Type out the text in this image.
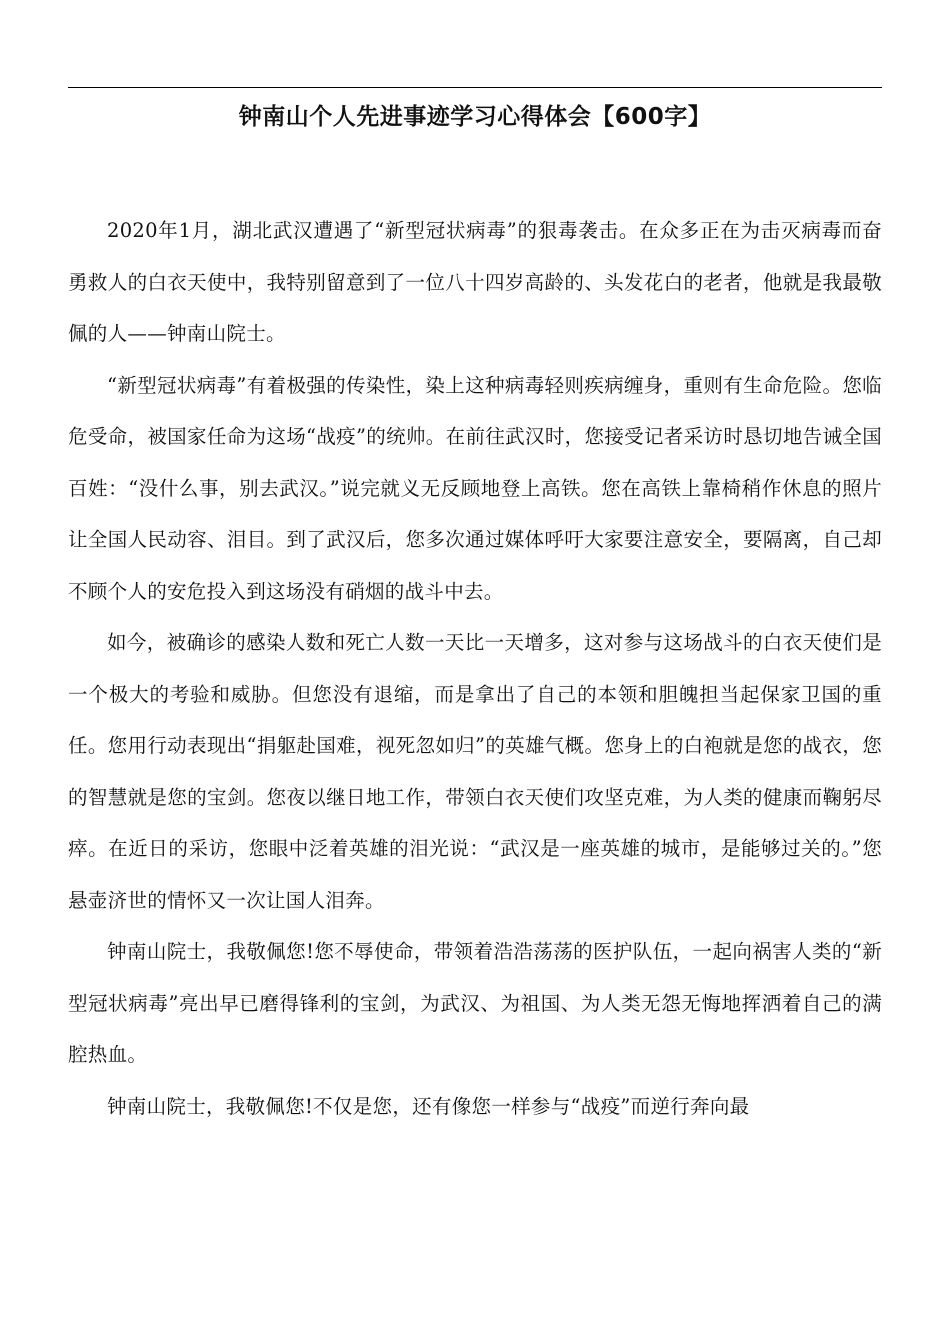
钟南山个人先进事迹学习心得体会【600字】

2020年1月，湖北武汉遭遇了“新型冠状病毒”的狠毒袭击。在众多正在为击灭病毒而奋勇救人的白衣天使中，我特别留意到了一位八十四岁高龄的、头发花白的老者，他就是我最敬佩的人——钟南山院士。

“新型冠状病毒”有着极强的传染性，染上这种病毒轻则疾病缠身，重则有生命危险。您临危受命，被国家任命为这场“战疫”的统帅。在前往武汉时，您接受记者采访时恳切地告诫全国百姓：“没什么事，别去武汉。”说完就义无反顾地登上高铁。您在高铁上靠椅稍作休息的照片让全国人民动容、泪目。到了武汉后，您多次通过媒体呼吁大家要注意安全，要隔离，自己却不顾个人的安危投入到这场没有硝烟的战斗中去。

如今，被确诊的感染人数和死亡人数一天比一天增多，这对参与这场战斗的白衣天使们是一个极大的考验和威胁。但您没有退缩，而是拿出了自己的本领和胆魄担当起保家卫国的重任。您用行动表现出“捐躯赴国难，视死忽如归”的英雄气概。您身上的白袍就是您的战衣，您的智慧就是您的宝剑。您夜以继日地工作，带领白衣天使们攻坚克难，为人类的健康而鞠躬尽瘁。在近日的采访，您眼中泛着英雄的泪光说：“武汉是一座英雄的城市，是能够过关的。”您悬壶济世的情怀又一次让国人泪奔。

钟南山院士，我敬佩您!您不辱使命，带领着浩浩荡荡的医护队伍，一起向祸害人类的“新型冠状病毒”亮出早已磨得锋利的宝剑，为武汉、为祖国、为人类无怨无悔地挥洒着自己的满腔热血。

钟南山院士，我敬佩您!不仅是您，还有像您一样参与“战疫”而逆行奔向最
